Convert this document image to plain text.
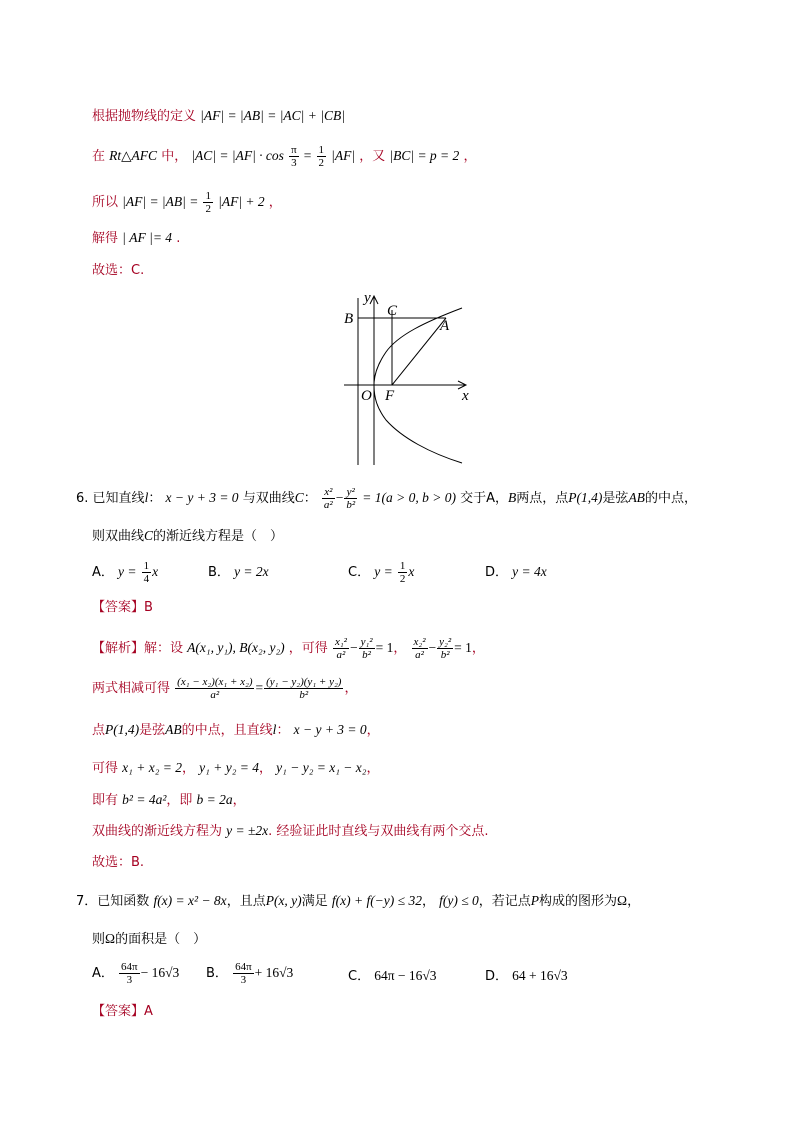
根据抛物线的定义 |AF| = |AB| = |AC| + |CB|
在 Rt△AFC 中， $|AC| = |AF| \cdot \cos \frac{\pi}{3} = \frac{1}{2} |AF|$ ，又 |BC| = p = 2 ，
所以 $|AF| = |AB| = \frac{1}{2} |AF| + 2$ ，
解得 | AF |= 4 .
故选：C.
y
x
B C
A
O F
6. 已知直线l： x − y + 3 = 0 与双曲线C： $\frac{\text{x²}}{\text{a²}} - \frac{\text{y²}}{\text{b²}} = 1(a > 0$, b > 0) 交于A，B两点，点P(1,4)是弦AB的中点，
则双曲线C的渐近线方程是（　）
A． $y = \frac{1}{4}$ x	B． y = 2x	C． $y = \frac{1}{2}$ x	D． y = 4x
【答案】B
【解析】解：设 A(x₁, y₁), B(x₂, y₂) ，可得 $\frac{\text{x₁²}}{\text{a²}} - \frac{\text{y₁²}}{\text{b²}} = 1$， $\frac{\text{x₂²}}{\text{a²}} - \frac{\text{y₂²}}{\text{b²}} = 1$，
两式相减可得 $\frac{\text{(x₁ − x₂)(x₁ + x₂)}}{\text{a²}} = \frac{\text{(y₁ − y₂)(y₁ + y₂)}}{\text{b²}}$ ，
点P(1,4)是弦AB的中点，且直线l： x − y + 3 = 0，
可得 x₁ + x₂ = 2， y₁ + y₂ = 4， y₁ − y₂ = x₁ − x₂，
即有 b² = 4a²，即 b = 2a，
双曲线的渐近线方程为 y = ±2x. 经验证此时直线与双曲线有两个交点.
故选：B.
7．已知函数 f(x) = x² − 8x，且点P(x, y)满足 f(x) + f(−y) ≤ 32， f(y) ≤ 0，若记点P构成的图形为Ω，
则Ω的面积是（　）
A． $\frac{64\pi}{3} - 16√3$ B． $\frac{64\pi}{3} + 16√3$	C． 64π − 16√3	D． 64 + 16√3
【答案】A
